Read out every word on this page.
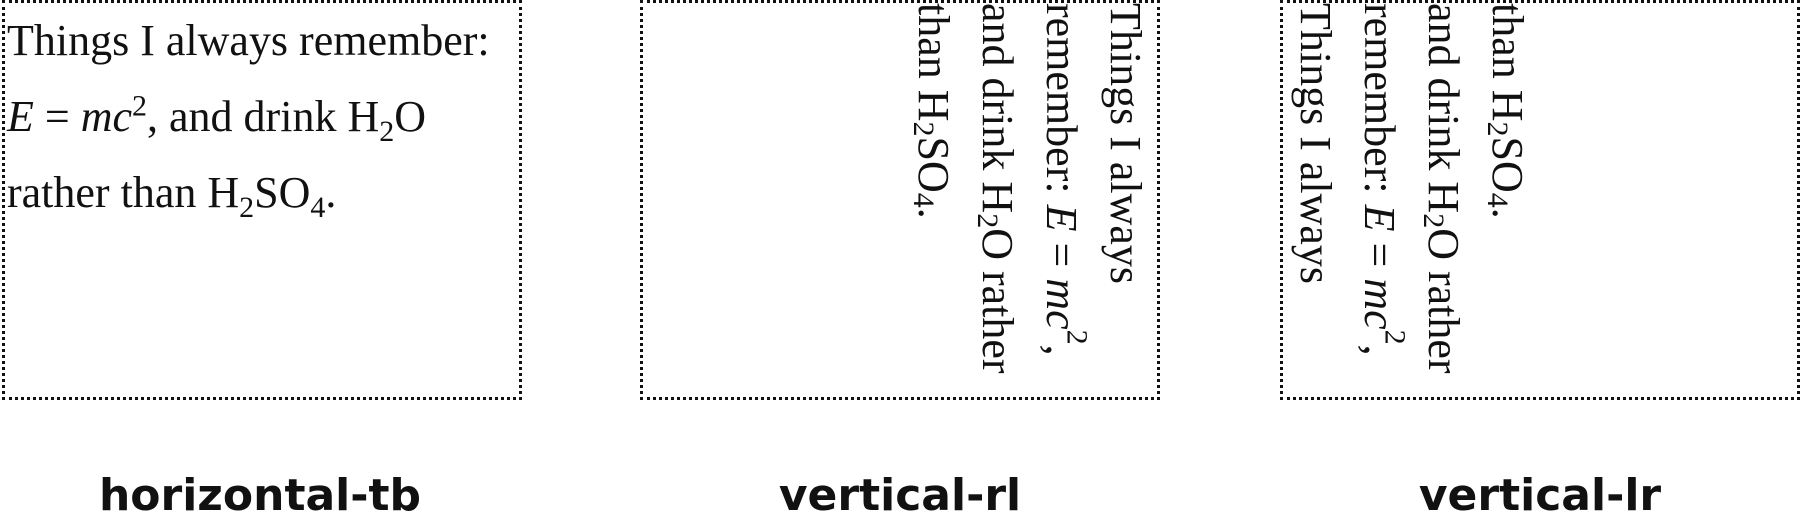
Things I always remember: $E = mc^2$, and drink $H_2O$ rather than $H_2SO_4$.	Things I always remember: $E = mc^2$, and drink $H_2O$ rather than $H_2SO_4$.	Things I always remember: $E = mc^2$, and drink $H_2O$ rather than $H_2SO_4$.

horizontal-tb	vertical-rl	vertical-lr
